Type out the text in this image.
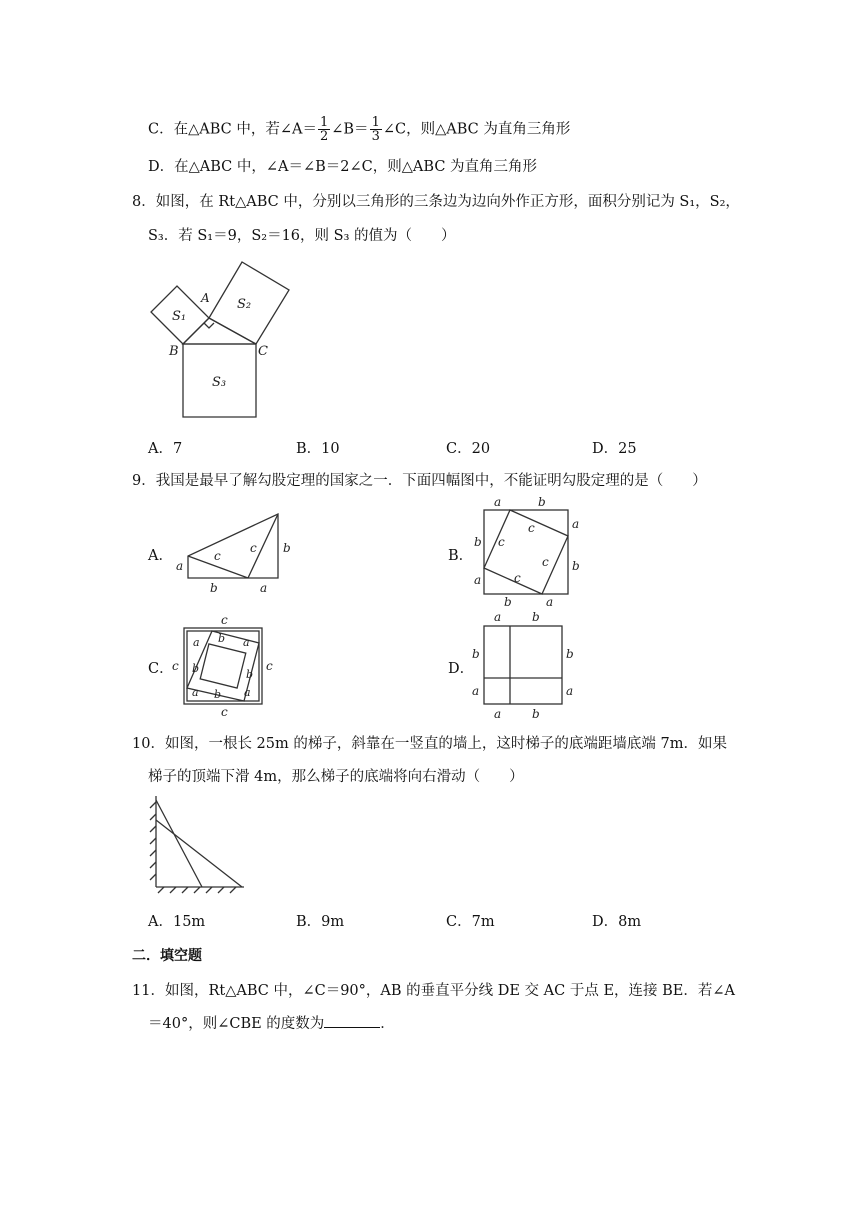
C．在△ABC 中，若∠A＝ $\frac{1}{2}$ ∠B＝ $\frac{1}{3}$ ∠C，则△ABC 为直角三角形
D．在△ABC 中，∠A＝∠B＝2∠C，则△ABC 为直角三角形
8．如图，在 Rt△ABC 中，分别以三角形的三条边为边向外作正方形，面积分别记为 S₁，S₂，
S₃．若 S₁＝9，S₂＝16，则 S₃ 的值为（　　）
A
B	C
S₁
S₂
S₃
A．7	B．10	C．20	D．25
9．我国是最早了解勾股定理的国家之一．下面四幅图中，不能证明勾股定理的是（　　）
A．
a
c
c b
b	a
B．
a	b
a
b
b
a
b	a
c
c
c
c
C．
c
c
c	c
a b a
b	b
a b a
D．
a	b
b
a
b
a
a	b
10．如图，一根长 25m 的梯子，斜靠在一竖直的墙上，这时梯子的底端距墙底端 7m．如果
梯子的顶端下滑 4m，那么梯子的底端将向右滑动（　　）
A．15m	B．9m	C．7m	D．8m
二．填空题
11．如图，Rt△ABC 中，∠C＝90°，AB 的垂直平分线 DE 交 AC 于点 E，连接 BE．若∠A
＝40°，则∠CBE 的度数为	．
